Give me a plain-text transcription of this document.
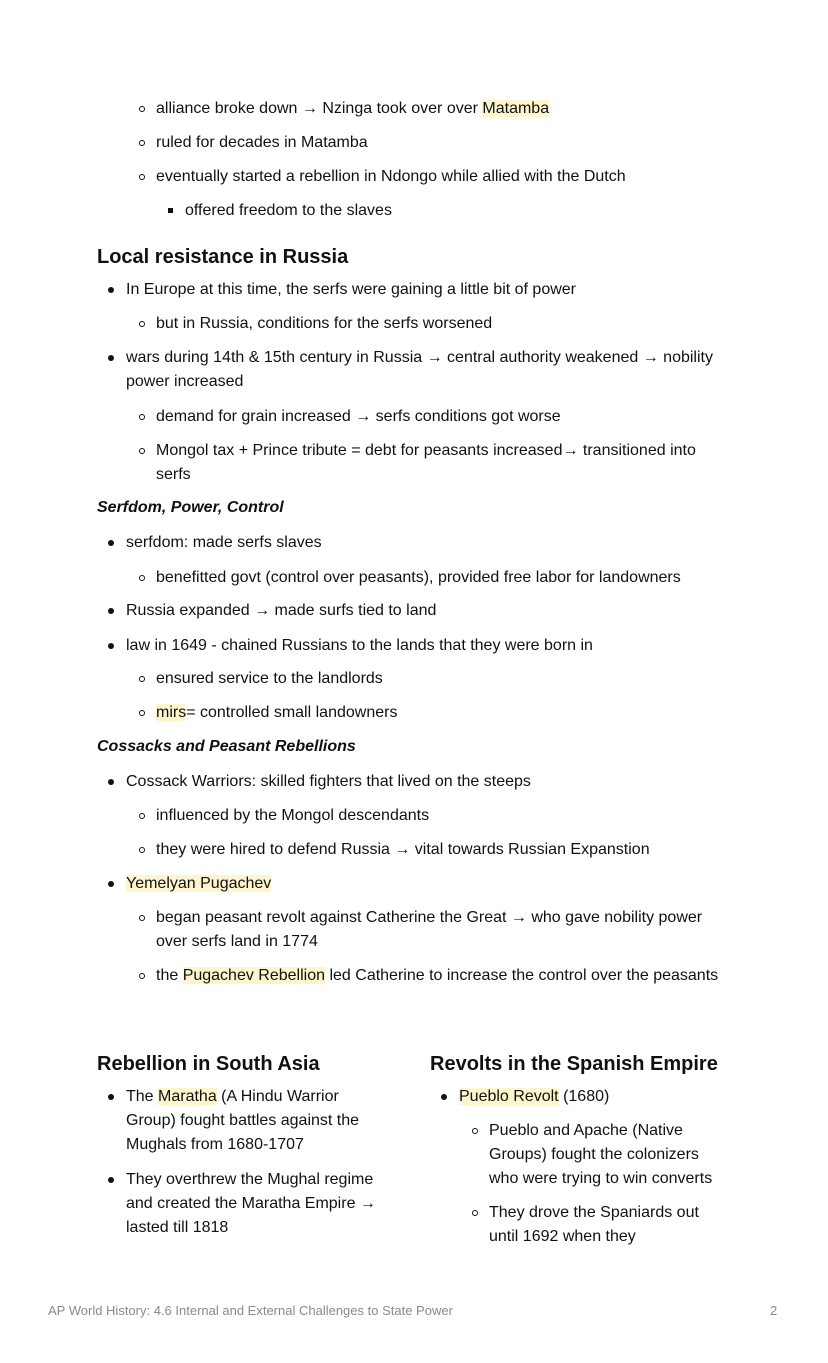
alliance broke down → Nzinga took over over Matamba
ruled for decades in Matamba
eventually started a rebellion in Ndongo while allied with the Dutch
offered freedom to the slaves
Local resistance in Russia
In Europe at this time, the serfs were gaining a little bit of power
but in Russia, conditions for the serfs worsened
wars during 14th & 15th century in Russia → central authority weakened → nobility
power increased
demand for grain increased → serfs conditions got worse
Mongol tax + Prince tribute = debt for peasants increased→ transitioned into
serfs
Serfdom, Power, Control
serfdom: made serfs slaves
benefitted govt (control over peasants), provided free labor for landowners
Russia expanded → made surfs tied to land
law in 1649 - chained Russians to the lands that they were born in
ensured service to the landlords
mirs= controlled small landowners
Cossacks and Peasant Rebellions
Cossack Warriors: skilled fighters that lived on the steeps
influenced by the Mongol descendants
they were hired to defend Russia → vital towards Russian Expanstion
Yemelyan Pugachev
began peasant revolt against Catherine the Great → who gave nobility power
over serfs land in 1774
the Pugachev Rebellion led Catherine to increase the control over the peasants
Rebellion in South Asia
The Maratha (A Hindu Warrior
Group) fought battles against the
Mughals from 1680-1707
They overthrew the Mughal regime
and created the Maratha Empire →
lasted till 1818
Revolts in the Spanish Empire
Pueblo Revolt (1680)
Pueblo and Apache (Native
Groups) fought the colonizers
who were trying to win converts
They drove the Spaniards out
until 1692 when they
AP World History: 4.6 Internal and External Challenges to State Power	2
